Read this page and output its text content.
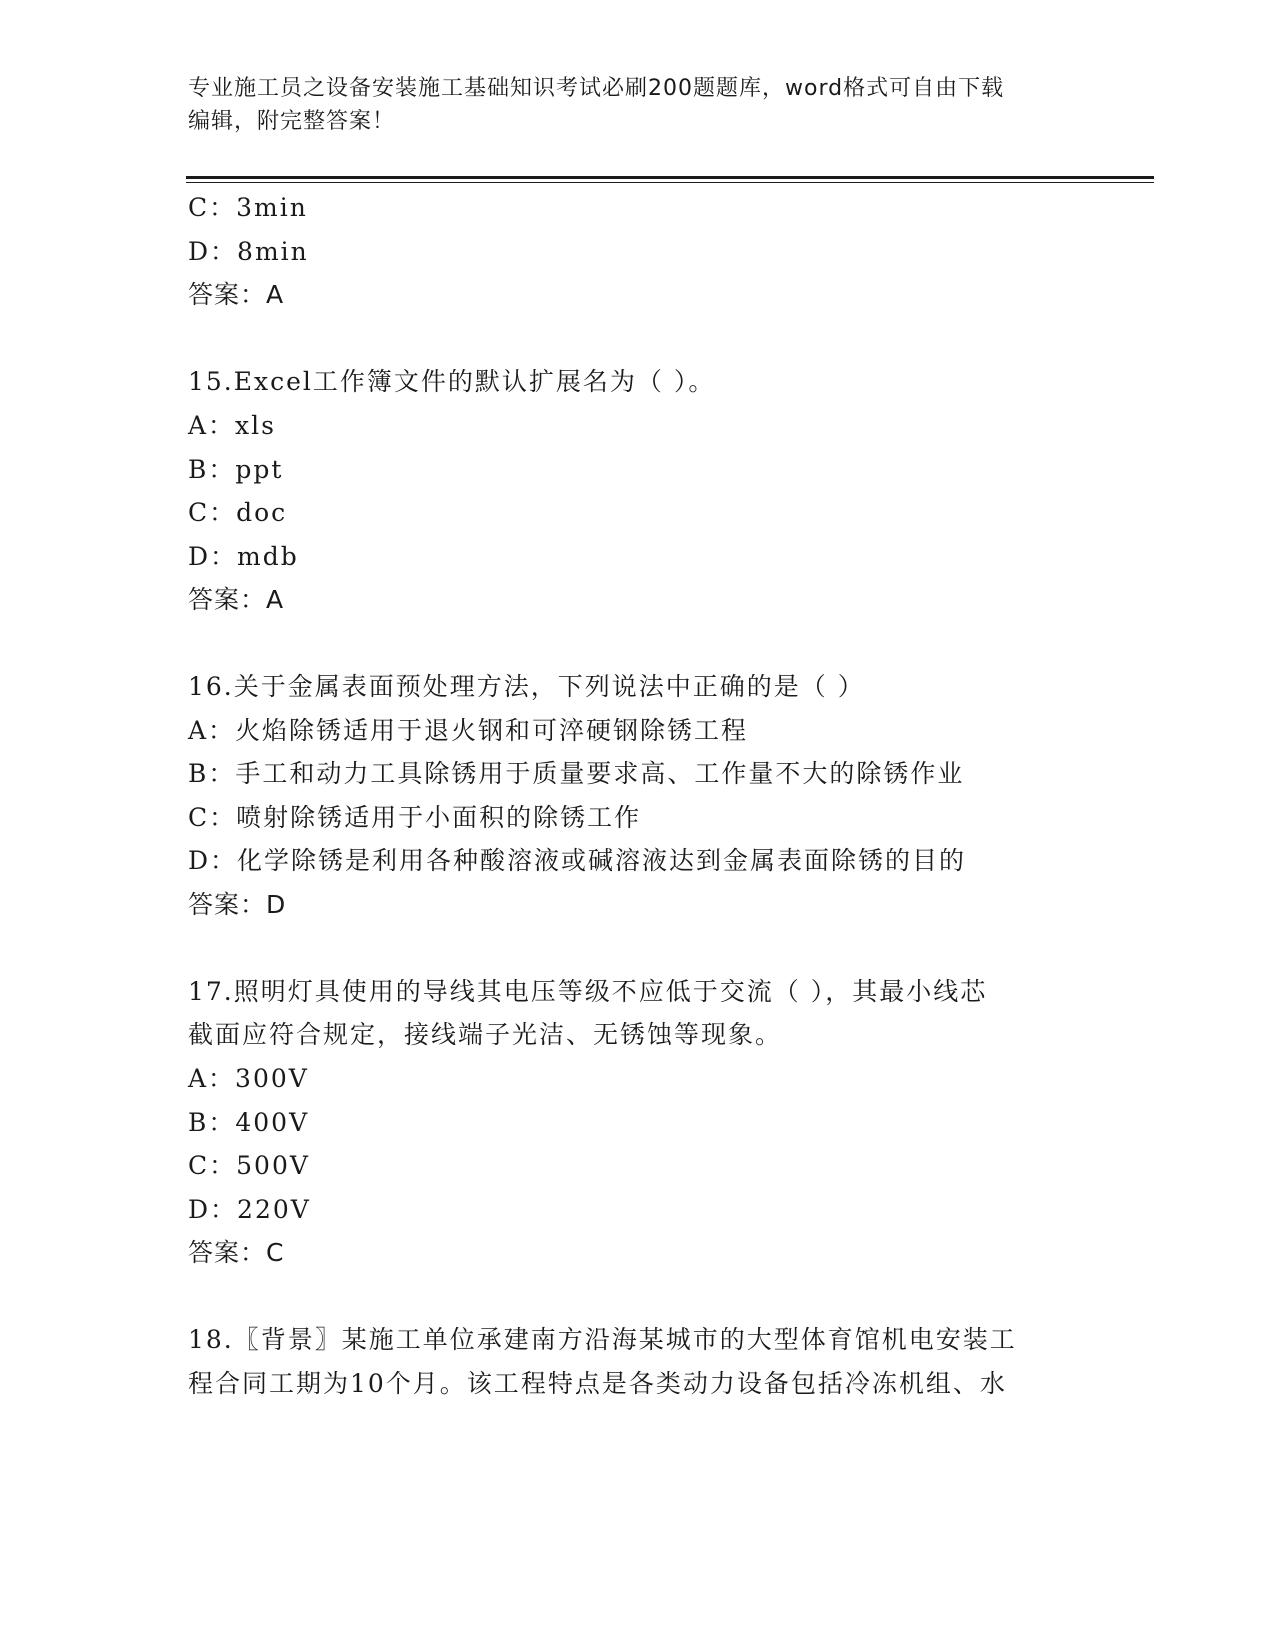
专业施工员之设备安装施工基础知识考试必刷200题题库，word格式可自由下载
编辑，附完整答案！
C：3min
D：8min
答案：A
15.Excel工作簿文件的默认扩展名为（ ）。
A：xls
B：ppt
C：doc
D：mdb
答案：A
16.关于金属表面预处理方法，下列说法中正确的是（ ）
A：火焰除锈适用于退火钢和可淬硬钢除锈工程
B：手工和动力工具除锈用于质量要求高、工作量不大的除锈作业
C：喷射除锈适用于小面积的除锈工作
D：化学除锈是利用各种酸溶液或碱溶液达到金属表面除锈的目的
答案：D
17.照明灯具使用的导线其电压等级不应低于交流（ ），其最小线芯
截面应符合规定，接线端子光洁、无锈蚀等现象。
A：300V
B：400V
C：500V
D：220V
答案：C
18.〖背景〗某施工单位承建南方沿海某城市的大型体育馆机电安装工
程合同工期为10个月。该工程特点是各类动力设备包括冷冻机组、水
